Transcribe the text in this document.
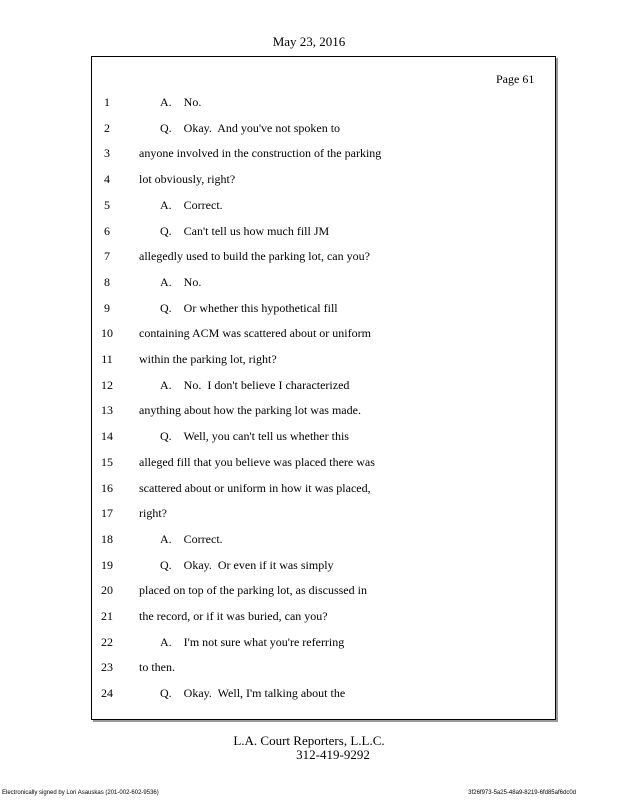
May 23, 2016
Page 61
1	A.    No.
2	Q.    Okay.  And you've not spoken to
3	anyone involved in the construction of the parking
4	lot obviously, right?
5	A.    Correct.
6	Q.    Can't tell us how much fill JM
7	allegedly used to build the parking lot, can you?
8	A.    No.
9	Q.    Or whether this hypothetical fill
10 containing ACM was scattered about or uniform
11 within the parking lot, right?
12	A.    No.  I don't believe I characterized
13 anything about how the parking lot was made.
14	Q.    Well, you can't tell us whether this
15 alleged fill that you believe was placed there was
16 scattered about or uniform in how it was placed,
17 right?
18	A.    Correct.
19	Q.    Okay.  Or even if it was simply
20 placed on top of the parking lot, as discussed in
21 the record, or if it was buried, can you?
22	A.    I'm not sure what you're referring
23 to then.
24	Q.    Okay.  Well, I'm talking about the
L.A. Court Reporters, L.L.C.
312-419-9292
Electronically signed by Lori Asauskas (201-002-602-9536)	3f26f973-5a25-48a9-8219-6fd85af6dc0d
